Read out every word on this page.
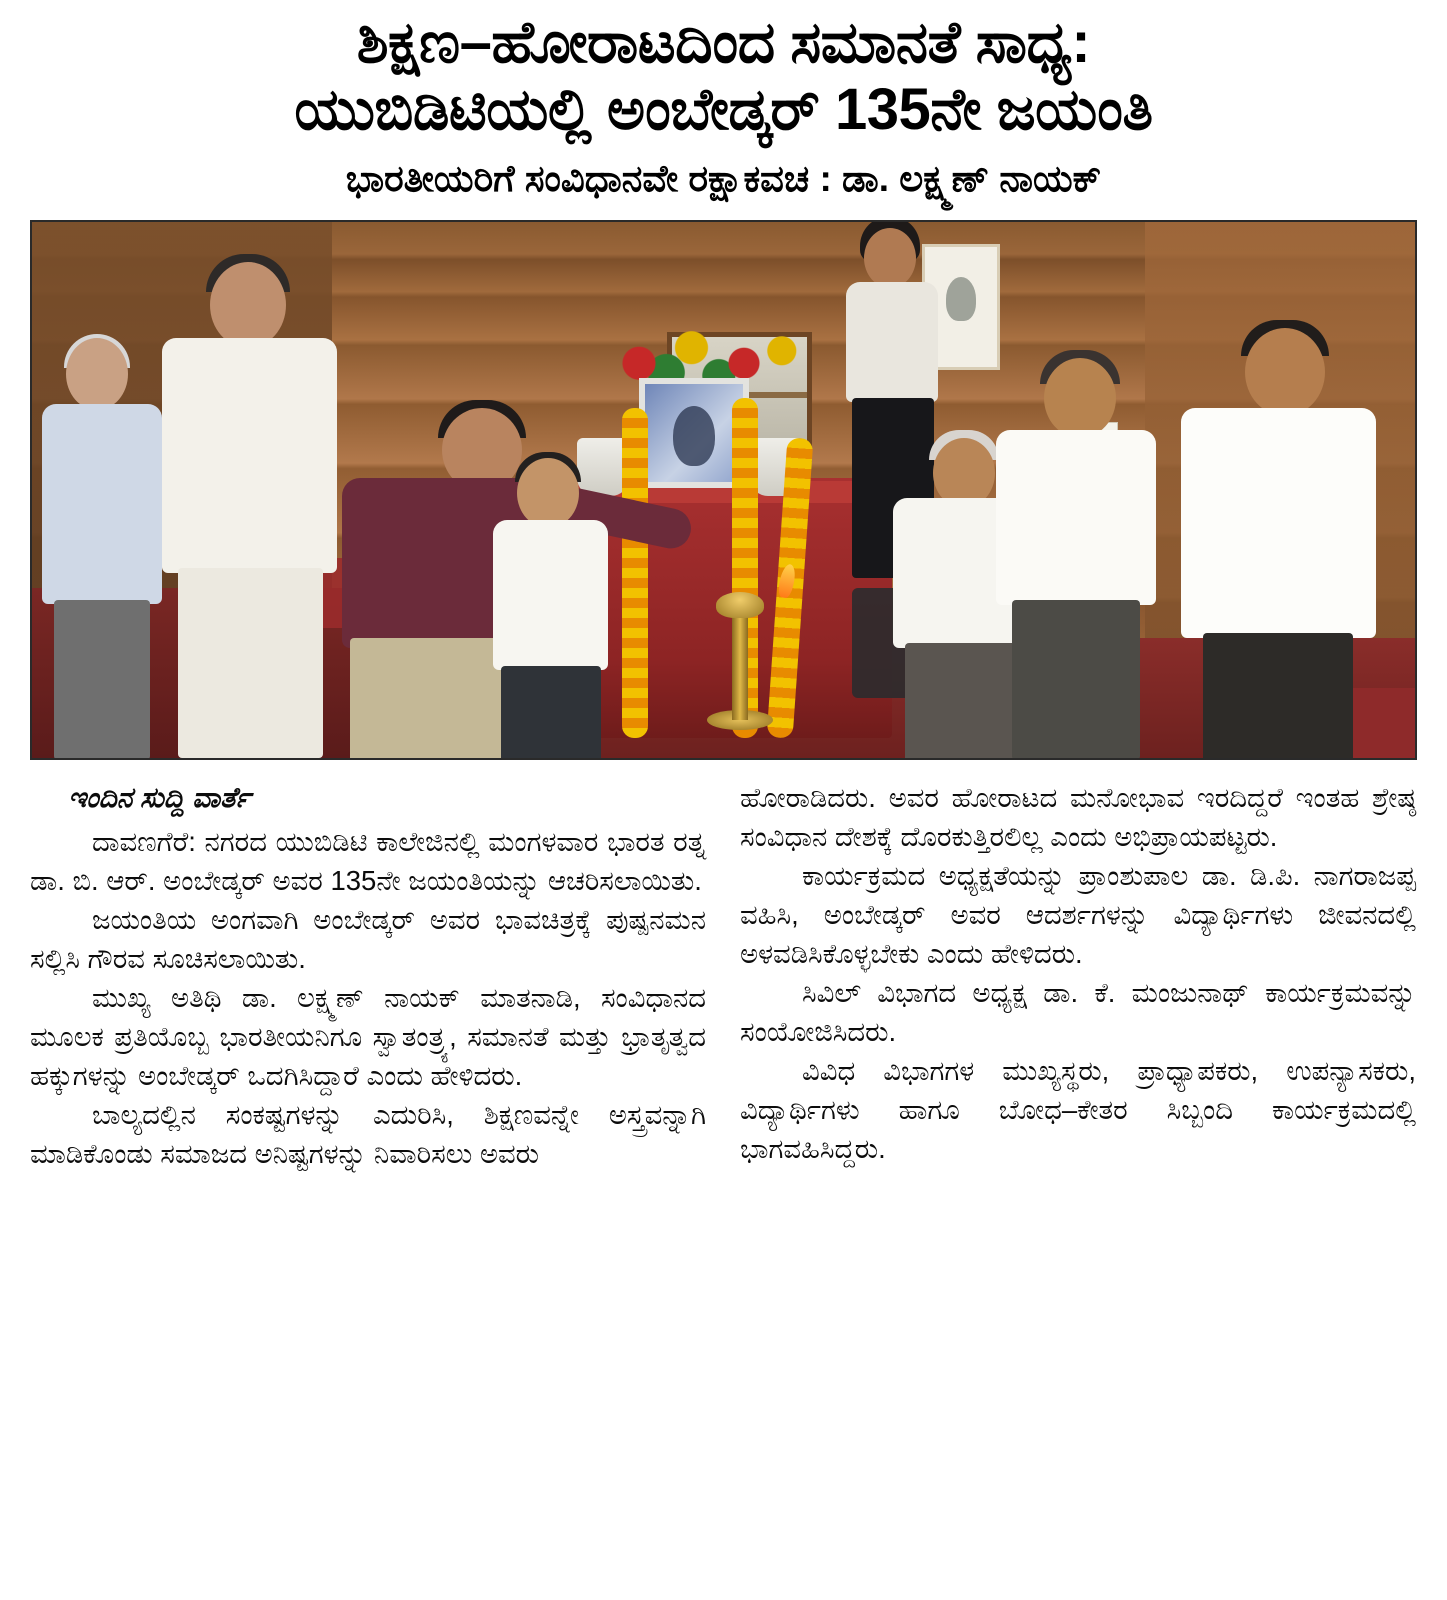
ಶಿಕ್ಷಣ–ಹೋರಾಟದಿಂದ ಸಮಾನತೆ ಸಾಧ್ಯ:
ಯುಬಿಡಿಟಿಯಲ್ಲಿ ಅಂಬೇಡ್ಕರ್ 135ನೇ ಜಯಂತಿ
ಭಾರತೀಯರಿಗೆ ಸಂವಿಧಾನವೇ ರಕ್ಷಾಕವಚ : ಡಾ. ಲಕ್ಷ್ಮಣ್ ನಾಯಕ್
ಇಂದಿನ ಸುದ್ದಿ ವಾರ್ತೆ

ದಾವಣಗೆರೆ: ನಗರದ ಯುಬಿಡಿಟಿ ಕಾಲೇಜಿನಲ್ಲಿ ಮಂಗಳವಾರ ಭಾರತ ರತ್ನ ಡಾ. ಬಿ. ಆರ್. ಅಂಬೇಡ್ಕರ್ ಅವರ 135ನೇ ಜಯಂತಿಯನ್ನು ಆಚರಿಸಲಾಯಿತು.

ಜಯಂತಿಯ ಅಂಗವಾಗಿ ಅಂಬೇಡ್ಕರ್ ಅವರ ಭಾವಚಿತ್ರಕ್ಕೆ ಪುಷ್ಪನಮನ ಸಲ್ಲಿಸಿ ಗೌರವ ಸೂಚಿಸಲಾಯಿತು.

ಮುಖ್ಯ ಅತಿಥಿ ಡಾ. ಲಕ್ಷ್ಮಣ್ ನಾಯಕ್ ಮಾತನಾಡಿ, ಸಂವಿಧಾನದ ಮೂಲಕ ಪ್ರತಿಯೊಬ್ಬ ಭಾರತೀಯನಿಗೂ ಸ್ವಾತಂತ್ರ್ಯ, ಸಮಾನತೆ ಮತ್ತು ಭ್ರಾತೃತ್ವದ ಹಕ್ಕುಗಳನ್ನು ಅಂಬೇಡ್ಕರ್ ಒದಗಿಸಿದ್ದಾರೆ ಎಂದು ಹೇಳಿದರು.

ಬಾಲ್ಯದಲ್ಲಿನ ಸಂಕಷ್ಟಗಳನ್ನು ಎದುರಿಸಿ, ಶಿಕ್ಷಣವನ್ನೇ ಅಸ್ತ್ರವನ್ನಾಗಿ ಮಾಡಿಕೊಂಡು ಸಮಾಜದ ಅನಿಷ್ಟಗಳನ್ನು ನಿವಾರಿಸಲು ಅವರು

ಹೋರಾಡಿದರು. ಅವರ ಹೋರಾಟದ ಮನೋಭಾವ ಇರದಿದ್ದರೆ ಇಂತಹ ಶ್ರೇಷ್ಠ ಸಂವಿಧಾನ ದೇಶಕ್ಕೆ ದೊರಕುತ್ತಿರಲಿಲ್ಲ ಎಂದು ಅಭಿಪ್ರಾಯಪಟ್ಟರು.

ಕಾರ್ಯಕ್ರಮದ ಅಧ್ಯಕ್ಷತೆಯನ್ನು ಪ್ರಾಂಶುಪಾಲ ಡಾ. ಡಿ.ಪಿ. ನಾಗರಾಜಪ್ಪ ವಹಿಸಿ, ಅಂಬೇಡ್ಕರ್ ಅವರ ಆದರ್ಶಗಳನ್ನು ವಿದ್ಯಾರ್ಥಿಗಳು ಜೀವನದಲ್ಲಿ ಅಳವಡಿಸಿಕೊಳ್ಳಬೇಕು ಎಂದು ಹೇಳಿದರು.

ಸಿವಿಲ್ ವಿಭಾಗದ ಅಧ್ಯಕ್ಷ ಡಾ. ಕೆ. ಮಂಜುನಾಥ್ ಕಾರ್ಯಕ್ರಮವನ್ನು ಸಂಯೋಜಿಸಿದರು.

ವಿವಿಧ ವಿಭಾಗಗಳ ಮುಖ್ಯಸ್ಥರು, ಪ್ರಾಧ್ಯಾಪಕರು, ಉಪನ್ಯಾಸಕರು, ವಿದ್ಯಾರ್ಥಿಗಳು ಹಾಗೂ ಬೋಧ–ಕೇತರ ಸಿಬ್ಬಂದಿ ಕಾರ್ಯಕ್ರಮದಲ್ಲಿ ಭಾಗವಹಿಸಿದ್ದರು.
